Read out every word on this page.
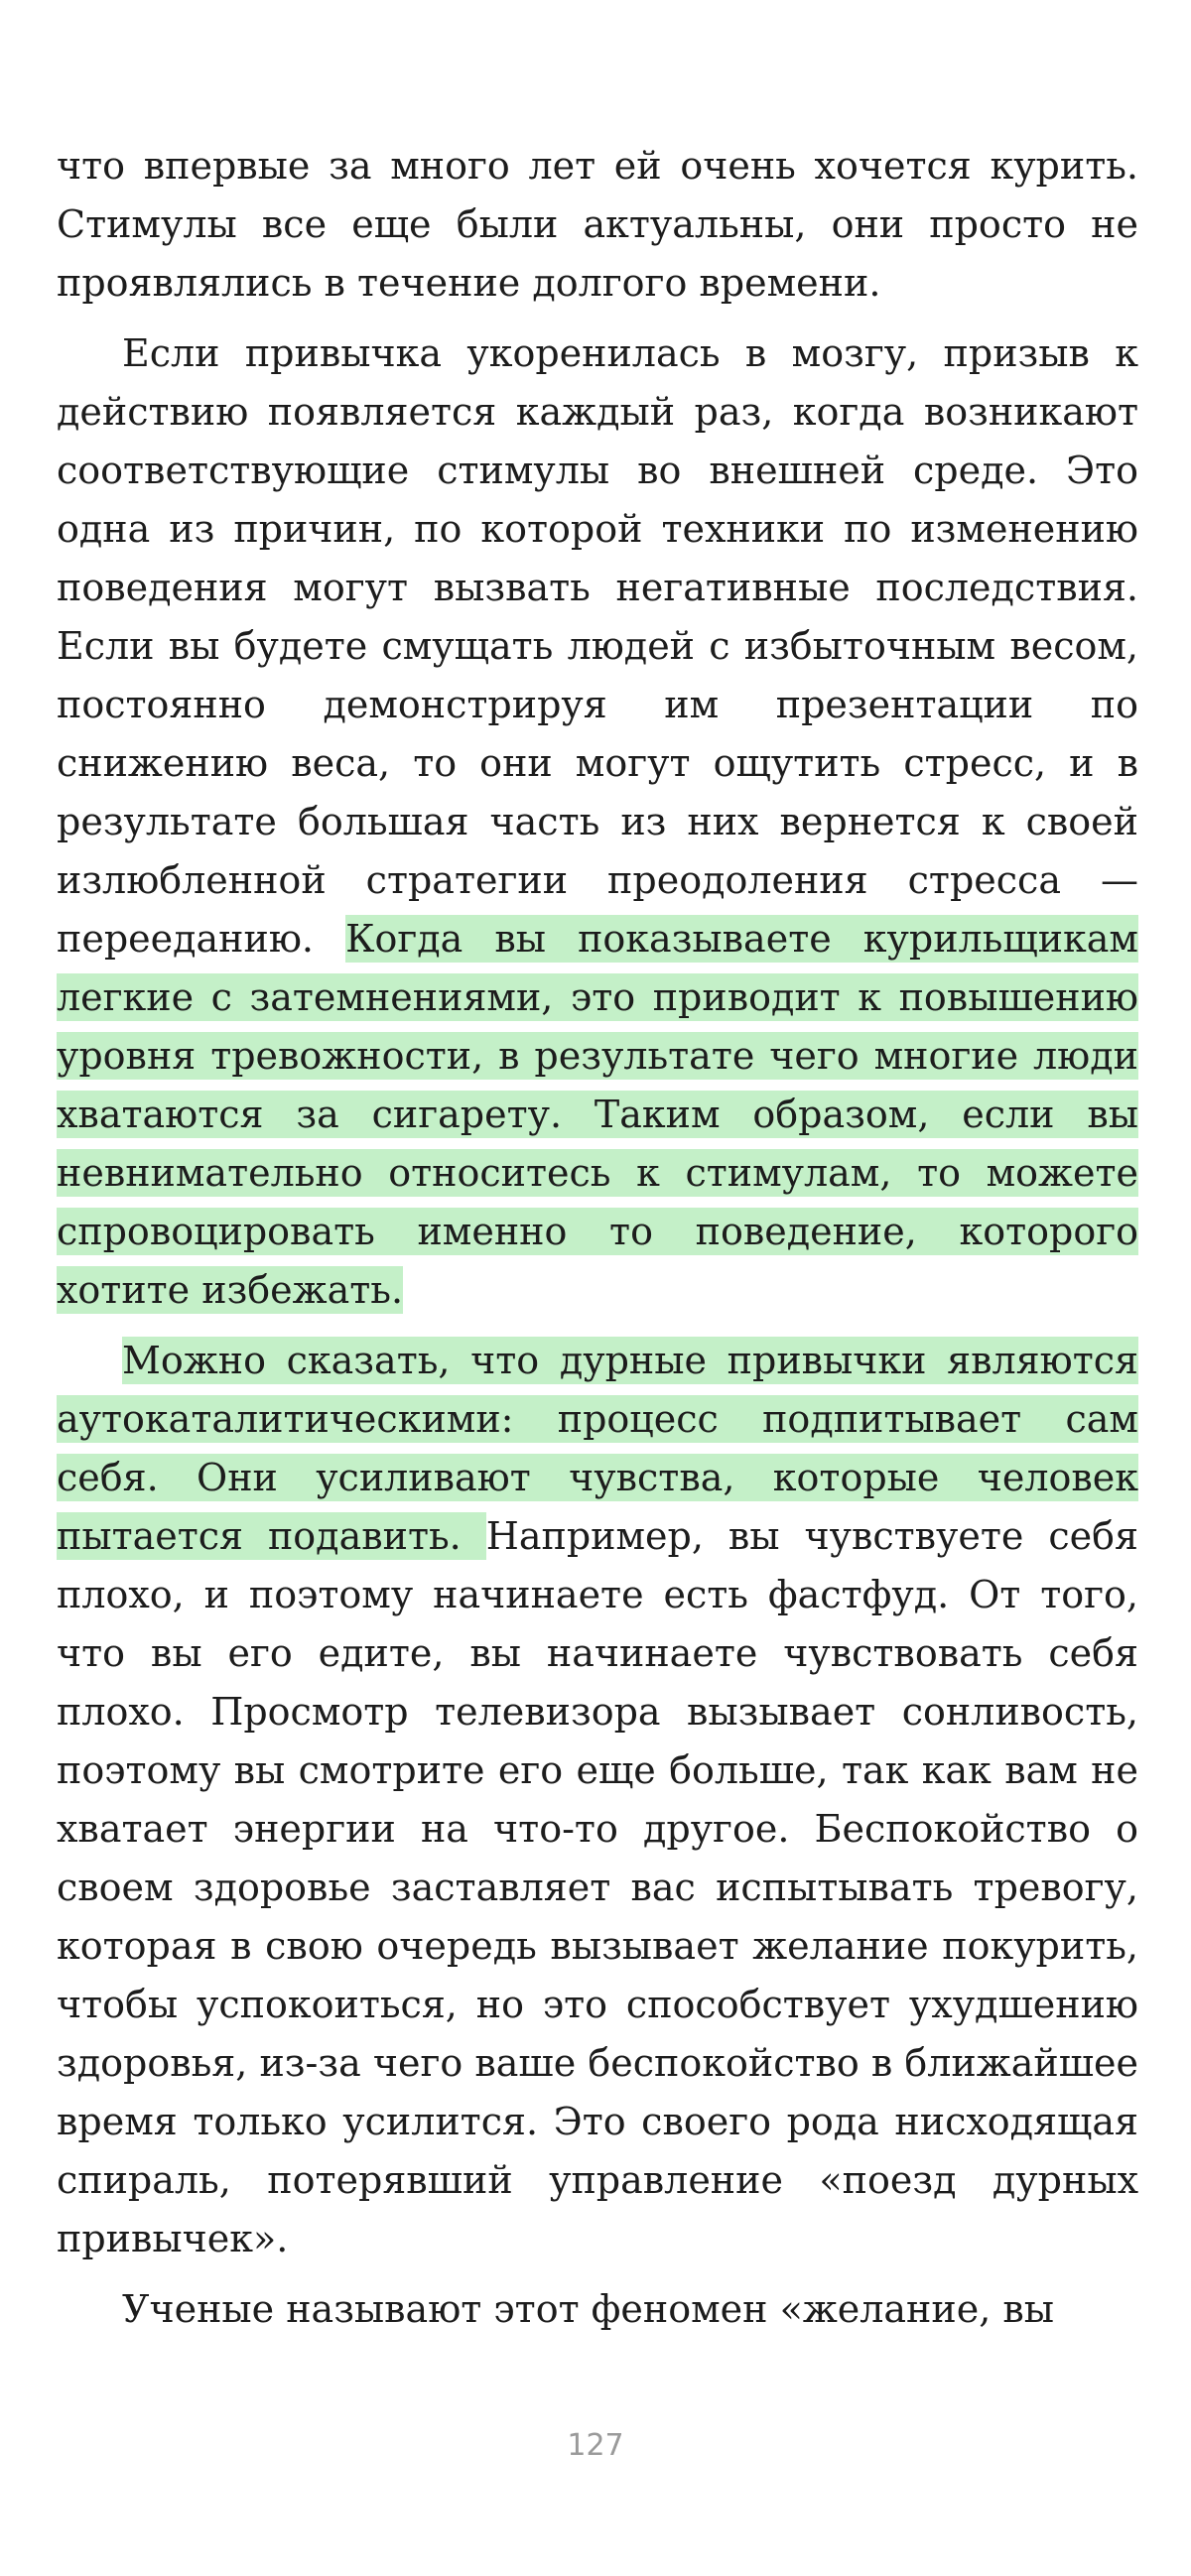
что впервые за много лет ей очень хочется курить. Стимулы все еще были актуальны, они просто не проявлялись в течение долгого времени.

Если привычка укоренилась в мозгу, призыв к действию появляется каждый раз, когда возникают соответствующие стимулы во внешней среде. Это одна из причин, по которой техники по изменению поведения могут вызвать негативные последствия. Если вы будете смущать людей с избыточным весом, постоянно демонстрируя им презентации по снижению веса, то они могут ощутить стресс, и в результате большая часть из них вернется к своей излюбленной стратегии преодоления стресса — перееданию. Когда вы показываете курильщикам легкие с затемнениями, это приводит к повышению уровня тревожности, в результате чего многие люди хватаются за сигарету. Таким образом, если вы невнимательно относитесь к стимулам, то можете спровоцировать именно то поведение, которого хотите избежать.

Можно сказать, что дурные привычки являются аутокаталитическими: процесс подпитывает сам себя. Они усиливают чувства, которые человек пытается подавить. Например, вы чувствуете себя плохо, и поэтому начинаете есть фастфуд. От того, что вы его едите, вы начинаете чувствовать себя плохо. Просмотр телевизора вызывает сонливость, поэтому вы смотрите его еще больше, так как вам не хватает энергии на что-то другое. Беспокойство о своем здоровье заставляет вас испытывать тревогу, которая в свою очередь вызывает желание покурить, чтобы успокоиться, но это способствует ухудшению здоровья, из-за чего ваше беспокойство в ближайшее время только усилится. Это своего рода нисходящая спираль, потерявший управление «поезд дурных привычек».

Ученые называют этот феномен «желание, вы

127
